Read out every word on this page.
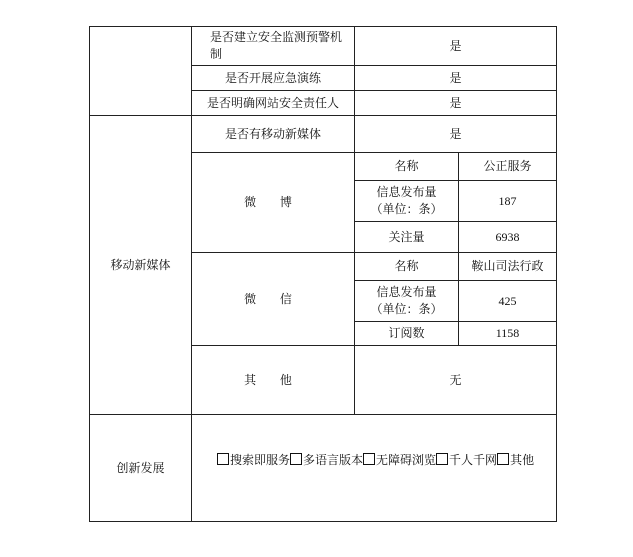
	是否建立安全监测预警机制	是	
	是否开展应急演练	是	
	是否明确网站安全责任人	是	
移动新媒体	是否有移动新媒体	是	
	微 博	名称	公正服务
		信息发布量（单位：条）	187
		关注量	6938
	微 信	名称	鞍山司法行政
		信息发布量（单位：条）	425
		订阅数	1158
	其 他	无	
创新发展	搜索即服务 多语言版本 无障碍浏览 千人千网 其他		
